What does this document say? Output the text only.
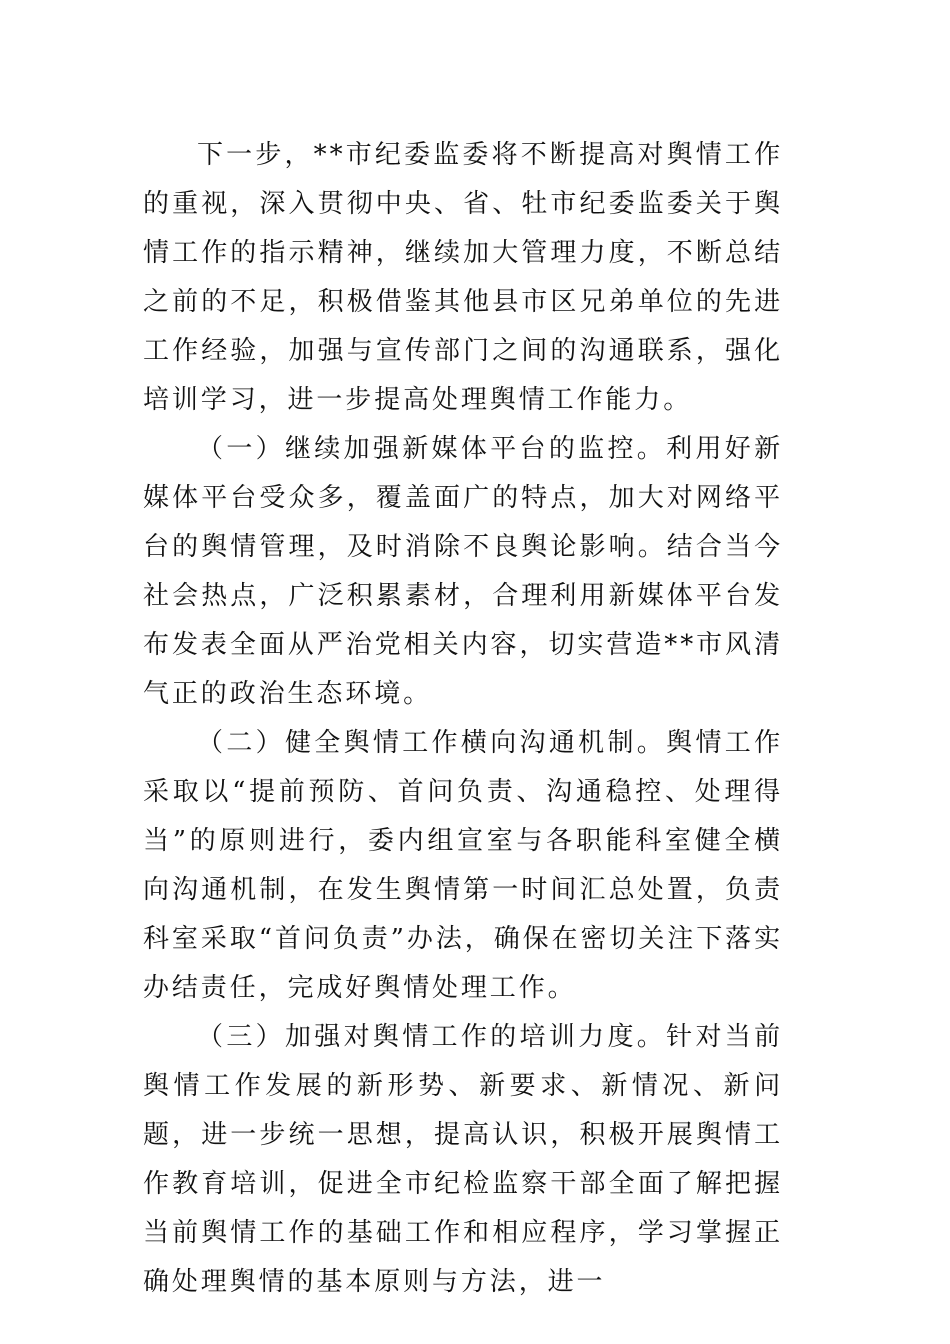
下一步，**市纪委监委将不断提高对舆情工作的重视，深入贯彻中央、省、牡市纪委监委关于舆情工作的指示精神，继续加大管理力度，不断总结之前的不足，积极借鉴其他县市区兄弟单位的先进工作经验，加强与宣传部门之间的沟通联系，强化培训学习，进一步提高处理舆情工作能力。

（一）继续加强新媒体平台的监控。利用好新媒体平台受众多，覆盖面广的特点，加大对网络平台的舆情管理，及时消除不良舆论影响。结合当今社会热点，广泛积累素材，合理利用新媒体平台发布发表全面从严治党相关内容，切实营造**市风清气正的政治生态环境。

（二）健全舆情工作横向沟通机制。舆情工作采取以“提前预防、首问负责、沟通稳控、处理得当”的原则进行，委内组宣室与各职能科室健全横向沟通机制，在发生舆情第一时间汇总处置，负责科室采取“首问负责”办法，确保在密切关注下落实办结责任，完成好舆情处理工作。

（三）加强对舆情工作的培训力度。针对当前舆情工作发展的新形势、新要求、新情况、新问题，进一步统一思想，提高认识，积极开展舆情工作教育培训，促进全市纪检监察干部全面了解把握当前舆情工作的基础工作和相应程序，学习掌握正确处理舆情的基本原则与方法，进一
